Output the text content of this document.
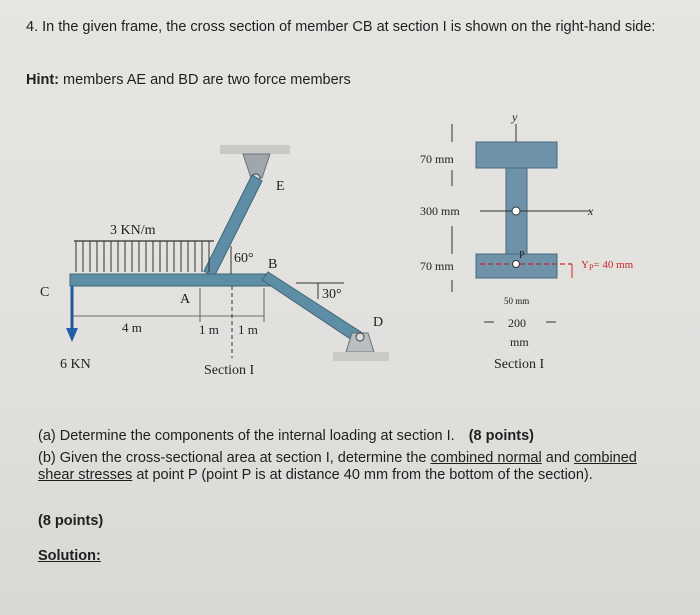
4. In the given frame, the cross section of member CB at section I is shown on the right-hand side:
Hint: members AE and BD are two force members
3 KN/m
60°
30°
C	A
B
D
E
6 KN
4 m	1 m 1 m
Section I
y
x
70 mm
300 mm
70 mm
P
YP= 40 mm
50 mm
200
mm
Section I
(a) Determine the components of the internal loading at section I. (8 points)
(b) Given the cross-sectional area at section I, determine the combined normal and combined shear stresses at point P (point P is at distance 40 mm from the bottom of the section).
(8 points)
Solution:
